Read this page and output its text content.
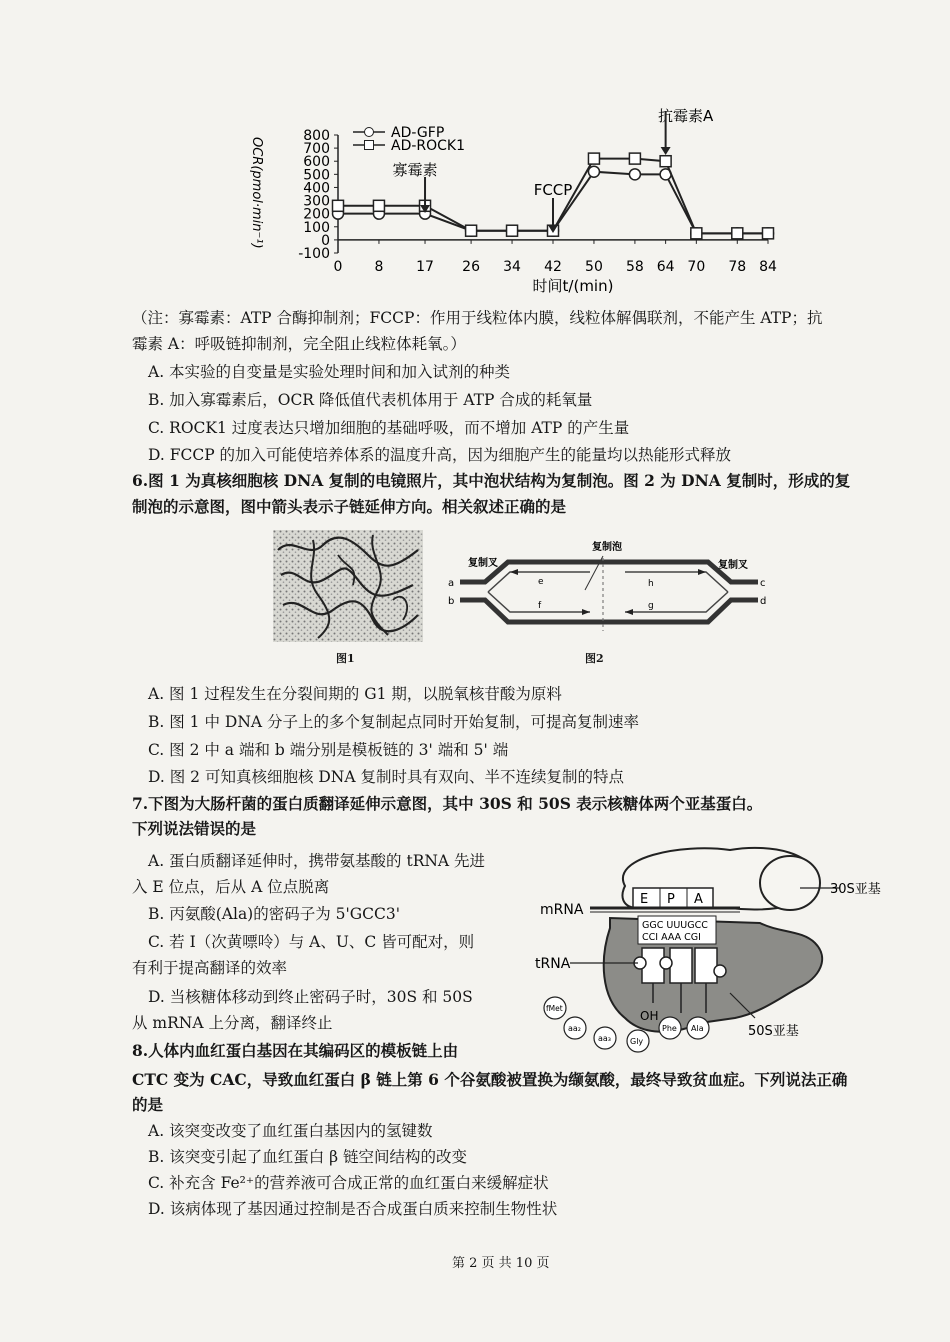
800
700
600
500
400
300
200
100
0
-100
0 8 17 26 34 42 50 58 64 70 78 84
时间t/(min)
OCR(pmol·min⁻¹)
AD-GFP
AD-ROCK1
寡霉素
FCCP
抗霉素A
（注：寡霉素：ATP 合酶抑制剂；FCCP：作用于线粒体内膜，线粒体解偶联剂，不能产生 ATP；抗
霉素 A：呼吸链抑制剂，完全阻止线粒体耗氧。）
A. 本实验的自变量是实验处理时间和加入试剂的种类
B. 加入寡霉素后，OCR 降低值代表机体用于 ATP 合成的耗氧量
C. ROCK1 过度表达只增加细胞的基础呼吸，而不增加 ATP 的产生量
D. FCCP 的加入可能使培养体系的温度升高，因为细胞产生的能量均以热能形式释放
6.图 1 为真核细胞核 DNA 复制的电镜照片，其中泡状结构为复制泡。图 2 为 DNA 复制时，形成的复
制泡的示意图，图中箭头表示子链延伸方向。相关叙述正确的是
图1
复制泡
复制叉	复制叉
a
b
c
d
e
f	g
h
图2
A. 图 1 过程发生在分裂间期的 G1 期，以脱氧核苷酸为原料
B. 图 1 中 DNA 分子上的多个复制起点同时开始复制，可提高复制速率
C. 图 2 中 a 端和 b 端分别是模板链的 3' 端和 5' 端
D. 图 2 可知真核细胞核 DNA 复制时具有双向、半不连续复制的特点
7.下图为大肠杆菌的蛋白质翻译延伸示意图，其中 30S 和 50S 表示核糖体两个亚基蛋白。
下列说法错误的是
A. 蛋白质翻译延伸时，携带氨基酸的 tRNA 先进
入 E 位点，后从 A 位点脱离
B. 丙氨酸(Ala)的密码子为 5'GCC3'
C. 若 I（次黄嘌呤）与 A、U、C 皆可配对，则
有利于提高翻译的效率
D. 当核糖体移动到终止密码子时，30S 和 50S
从 mRNA 上分离，翻译终止
30S亚基
E P A
mRNA
GGC UUUGCC
CCI AAA CGI
tRNA
OH
50S亚基
fMet
aa₂
aa₃ Gly
Phe Ala
8.人体内血红蛋白基因在其编码区的模板链上由
CTC 变为 CAC，导致血红蛋白 β 链上第 6 个谷氨酸被置换为缬氨酸，最终导致贫血症。下列说法正确
的是
A. 该突变改变了血红蛋白基因内的氢键数
B. 该突变引起了血红蛋白 β 链空间结构的改变
C. 补充含 Fe²⁺的营养液可合成正常的血红蛋白来缓解症状
D. 该病体现了基因通过控制是否合成蛋白质来控制生物性状
第 2 页 共 10 页
